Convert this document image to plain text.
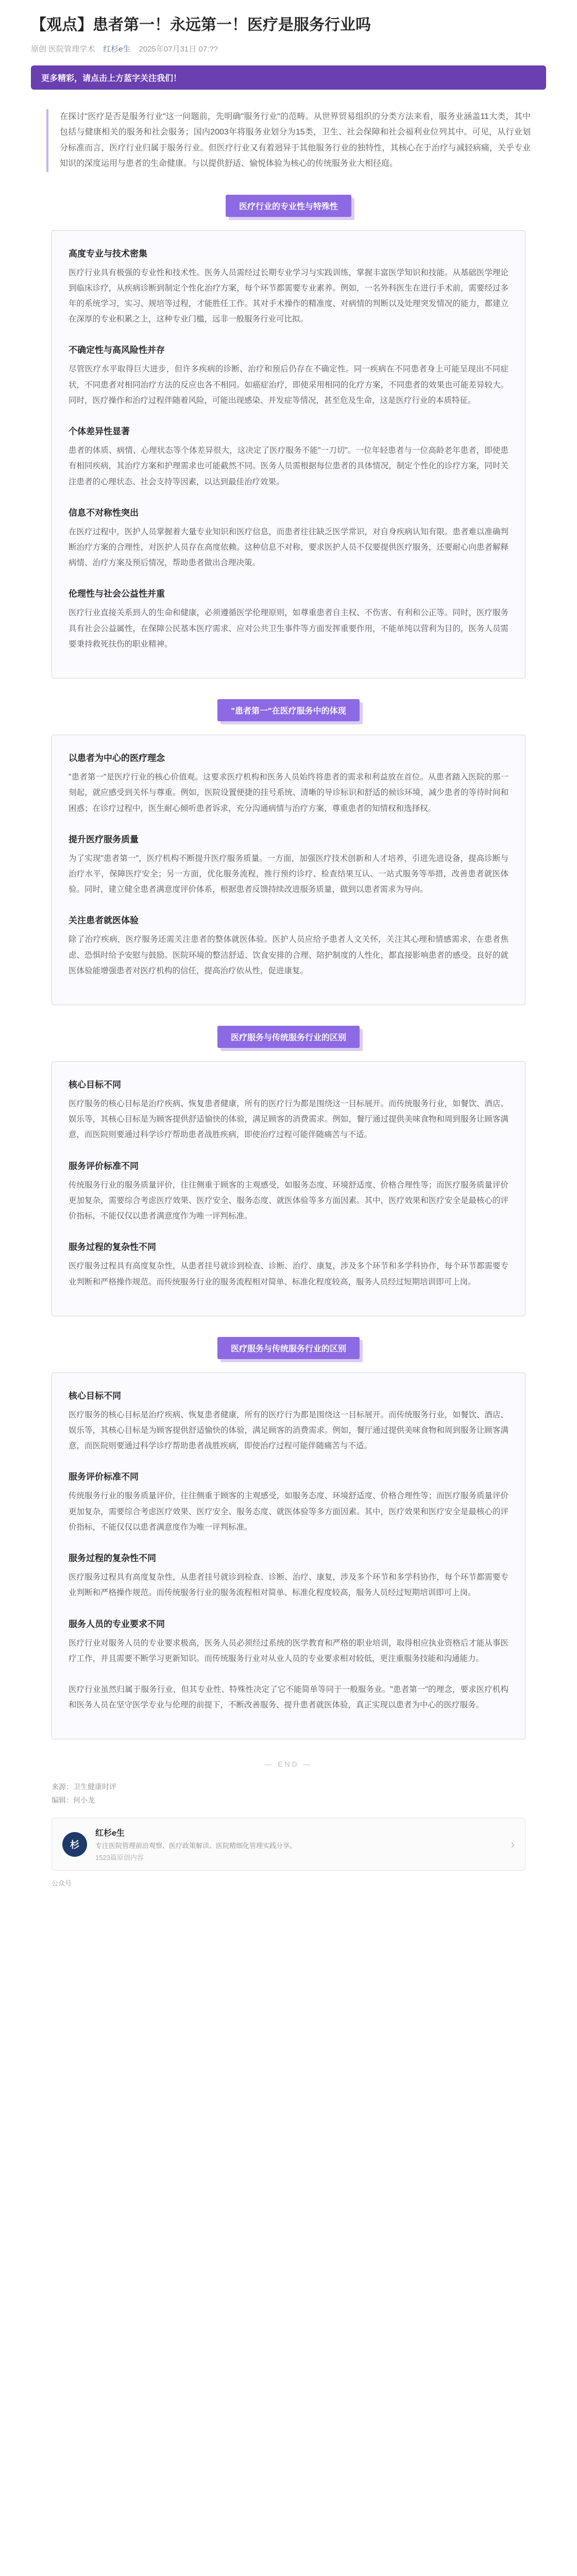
【观点】患者第一！永远第一！医疗是服务行业吗
原创 医院管理学术 红杉e生 2025年07月31日 07:??
更多精彩，请点击上方蓝字关注我们！
在探讨"医疗是否是服务行业"这一问题前，先明确"服务行业"的范畴。从世界贸易组织的分类方法来看，服务业涵盖11大类，其中包括与健康相关的服务和社会服务；国内2003年将服务业划分为15类，卫生、社会保障和社会福利业位列其中。可见，从行业划分标准而言，医疗行业归属于服务行业。但医疗行业又有着迥异于其他服务行业的独特性，其核心在于治疗与减轻病痛，关乎专业知识的深度运用与患者的生命健康。与以提供舒适、愉悦体验为核心的传统服务业大相径庭。
医疗行业的专业性与特殊性
高度专业与技术密集

医疗行业具有极强的专业性和技术性。医务人员需经过长期专业学习与实践训练，掌握丰富医学知识和技能。从基础医学理论到临床诊疗，从疾病诊断到制定个性化治疗方案，每个环节都需要专业素养。例如，一名外科医生在进行手术前，需要经过多年的系统学习，实习、规培等过程，才能胜任工作。其对手术操作的精准度、对病情的判断以及处理突发情况的能力，都建立在深厚的专业积累之上，这种专业门槛，远非一般服务行业可比拟。

不确定性与高风险性并存

尽管医疗水平取得巨大进步，但许多疾病的诊断、治疗和预后仍存在不确定性。同一疾病在不同患者身上可能呈现出不同症状，不同患者对相同治疗方法的反应也各不相同。如癌症治疗，即使采用相同的化疗方案，不同患者的效果也可能差异较大。同时，医疗操作和治疗过程伴随着风险，可能出现感染、并发症等情况，甚至危及生命，这是医疗行业的本质特征。

个体差异性显著

患者的体质、病情、心理状态等个体差异很大，这决定了医疗服务不能"一刀切"。一位年轻患者与一位高龄老年患者，即使患有相同疾病，其治疗方案和护理需求也可能截然不同。医务人员需根据每位患者的具体情况，制定个性化的诊疗方案，同时关注患者的心理状态、社会支持等因素，以达到最佳治疗效果。

信息不对称性突出

在医疗过程中，医护人员掌握着大量专业知识和医疗信息，而患者往往缺乏医学常识，对自身疾病认知有限。患者难以准确判断治疗方案的合理性，对医护人员存在高度依赖。这种信息不对称，要求医护人员不仅要提供医疗服务，还要耐心向患者解释病情、治疗方案及预后情况，帮助患者做出合理决策。

伦理性与社会公益性并重

医疗行业直接关系到人的生命和健康，必须遵循医学伦理原则，如尊重患者自主权、不伤害、有利和公正等。同时，医疗服务具有社会公益属性，在保障公民基本医疗需求、应对公共卫生事件等方面发挥重要作用，不能单纯以营利为目的，医务人员需要秉持救死扶伤的职业精神。

"患者第一"在医疗服务中的体现
以患者为中心的医疗理念

"患者第一"是医疗行业的核心价值观。这要求医疗机构和医务人员始终将患者的需求和利益放在首位。从患者踏入医院的那一刻起，就应感受到关怀与尊重。例如，医院设置便捷的挂号系统、清晰的导诊标识和舒适的候诊环境，减少患者的等待时间和困惑；在诊疗过程中，医生耐心倾听患者诉求，充分沟通病情与治疗方案，尊重患者的知情权和选择权。

提升医疗服务质量

为了实现"患者第一"，医疗机构不断提升医疗服务质量。一方面，加强医疗技术创新和人才培养，引进先进设备，提高诊断与治疗水平，保障医疗安全；另一方面，优化服务流程，推行预约诊疗、检查结果互认、一站式服务等举措，改善患者就医体验。同时，建立健全患者满意度评价体系，根据患者反馈持续改进服务质量，做到以患者需求为导向。

关注患者就医体验

除了治疗疾病，医疗服务还需关注患者的整体就医体验。医护人员应给予患者人文关怀，关注其心理和情感需求，在患者焦虑、恐惧时给予安慰与鼓励。医院环境的整洁舒适、饮食安排的合理、陪护制度的人性化，都直接影响患者的感受。良好的就医体验能增强患者对医疗机构的信任，提高治疗依从性，促进康复。

医疗服务与传统服务行业的区别
核心目标不同

医疗服务的核心目标是治疗疾病、恢复患者健康，所有的医疗行为都是围绕这一目标展开。而传统服务行业，如餐饮、酒店、娱乐等，其核心目标是为顾客提供舒适愉快的体验，满足顾客的消费需求。例如，餐厅通过提供美味食物和周到服务让顾客满意，而医院则要通过科学诊疗帮助患者战胜疾病，即使治疗过程可能伴随痛苦与不适。

服务评价标准不同

传统服务行业的服务质量评价，往往侧重于顾客的主观感受，如服务态度、环境舒适度、价格合理性等；而医疗服务质量评价更加复杂，需要综合考虑医疗效果、医疗安全、服务态度、就医体验等多方面因素。其中，医疗效果和医疗安全是最核心的评价指标，不能仅仅以患者满意度作为唯一评判标准。

服务过程的复杂性不同

医疗服务过程具有高度复杂性，从患者挂号就诊到检查、诊断、治疗、康复，涉及多个环节和多学科协作，每个环节都需要专业判断和严格操作规范。而传统服务行业的服务流程相对简单、标准化程度较高，服务人员经过短期培训即可上岗。

医疗服务与传统服务行业的区别
核心目标不同

医疗服务的核心目标是治疗疾病、恢复患者健康，所有的医疗行为都是围绕这一目标展开。而传统服务行业，如餐饮、酒店、娱乐等，其核心目标是为顾客提供舒适愉快的体验，满足顾客的消费需求。例如，餐厅通过提供美味食物和周到服务让顾客满意，而医院则要通过科学诊疗帮助患者战胜疾病，即使治疗过程可能伴随痛苦与不适。

服务评价标准不同

传统服务行业的服务质量评价，往往侧重于顾客的主观感受，如服务态度、环境舒适度、价格合理性等；而医疗服务质量评价更加复杂，需要综合考虑医疗效果、医疗安全、服务态度、就医体验等多方面因素。其中，医疗效果和医疗安全是最核心的评价指标，不能仅仅以患者满意度作为唯一评判标准。

服务过程的复杂性不同

医疗服务过程具有高度复杂性，从患者挂号就诊到检查、诊断、治疗、康复，涉及多个环节和多学科协作，每个环节都需要专业判断和严格操作规范。而传统服务行业的服务流程相对简单、标准化程度较高，服务人员经过短期培训即可上岗。

服务人员的专业要求不同

医疗行业对服务人员的专业要求极高，医务人员必须经过系统的医学教育和严格的职业培训，取得相应执业资格后才能从事医疗工作，并且需要不断学习更新知识。而传统服务行业对从业人员的专业要求相对较低，更注重服务技能和沟通能力。

医疗行业虽然归属于服务行业，但其专业性、特殊性决定了它不能简单等同于一般服务业。"患者第一"的理念，要求医疗机构和医务人员在坚守医学专业与伦理的前提下，不断改善服务、提升患者就医体验，真正实现以患者为中心的医疗服务。

— END —
来源：卫生健康时评
编辑：何小龙
杉
红杉e生
专注医院管理前沿观察、医疗政策解读、医院精细化管理实践分享。
1523篇原创内容
›
公众号
